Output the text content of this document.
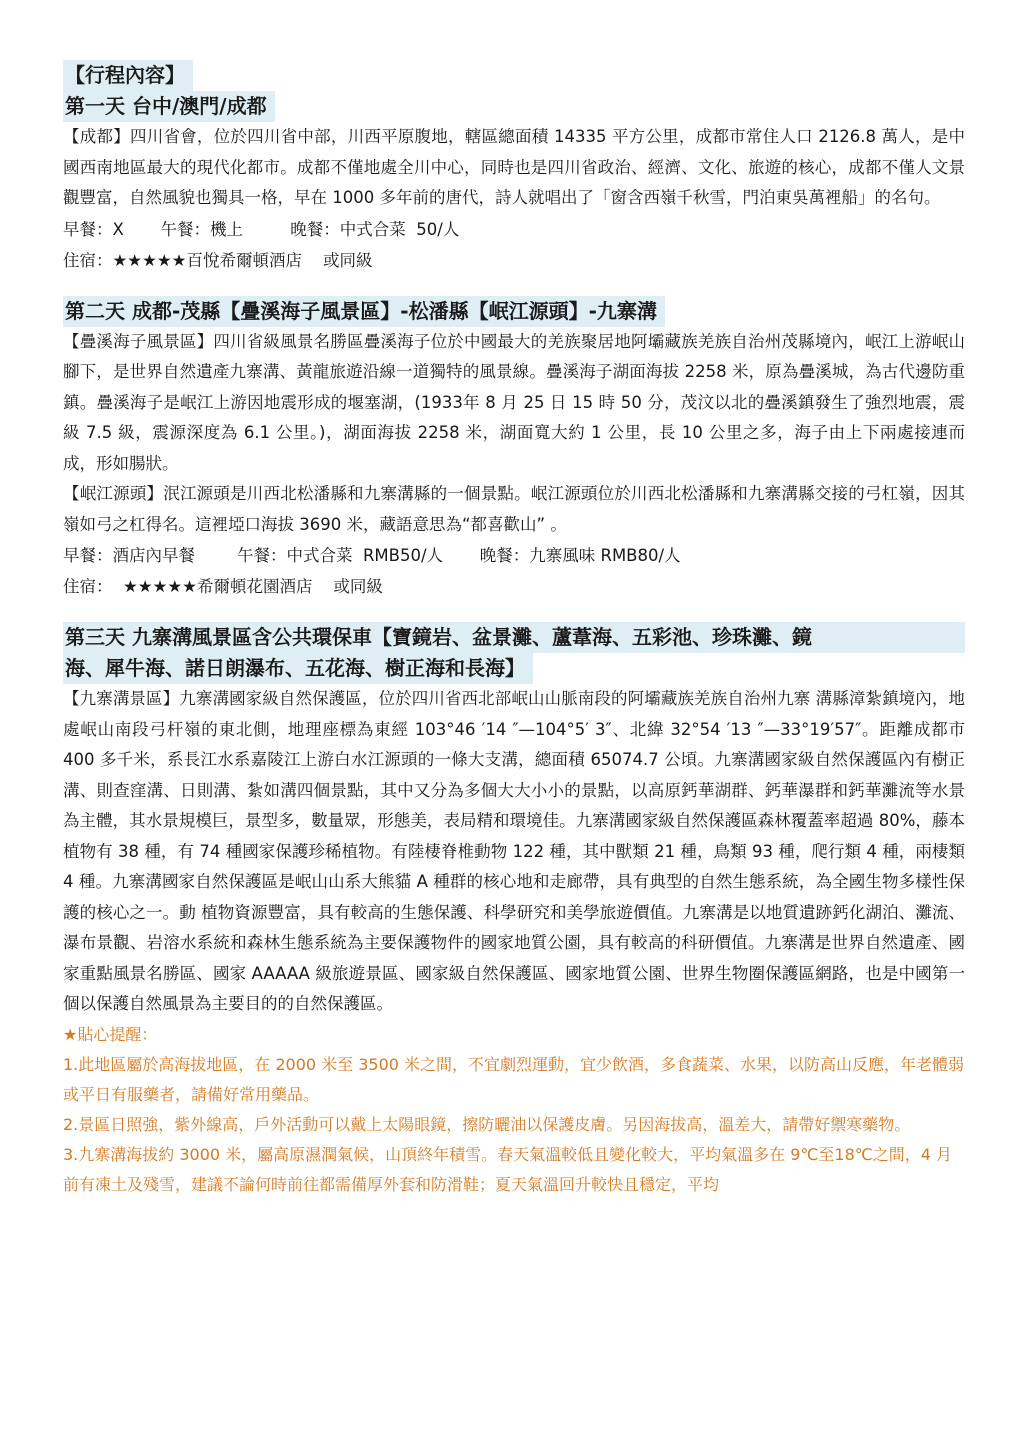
【行程內容】
第一天 台中/澳門/成都

【成都】四川省會，位於四川省中部，川西平原腹地，轄區總面積 14335 平方公里，成都市常住人口 2126.8 萬人，是中國西南地區最大的現代化都市。成都不僅地處全川中心，同時也是四川省政治、經濟、文化、旅遊的核心，成都不僅人文景觀豐富，自然風貌也獨具一格，早在 1000 多年前的唐代，詩人就唱出了「窗含西嶺千秋雪，門泊東吳萬裡船」的名句。

早餐：X       午餐：機上         晚餐：中式合菜  50/人
住宿：★★★★★百悅希爾頓酒店    或同級
第二天 成都-茂縣【疊溪海子風景區】-松潘縣【岷江源頭】-九寨溝

【疊溪海子風景區】四川省級風景名勝區疊溪海子位於中國最大的羌族聚居地阿壩藏族羌族自治州茂縣境內，岷江上游岷山腳下，是世界自然遺產九寨溝、黃龍旅遊沿線一道獨特的風景線。疊溪海子湖面海拔 2258 米，原為疊溪城，為古代邊防重鎮。疊溪海子是岷江上游因地震形成的堰塞湖，(1933年 8 月 25 日 15 時 50 分，茂汶以北的疊溪鎮發生了強烈地震，震級 7.5 級，震源深度為 6.1 公里。)，湖面海拔 2258 米，湖面寬大約 1 公里，長 10 公里之多，海子由上下兩處接連而成，形如腸狀。

【岷江源頭】泯江源頭是川西北松潘縣和九寨溝縣的一個景點。岷江源頭位於川西北松潘縣和九寨溝縣交接的弓杠嶺，因其嶺如弓之杠得名。這裡埡口海拔 3690 米，藏語意思為“都喜歡山” 。

早餐：酒店內早餐        午餐：中式合菜  RMB50/人       晚餐：九寨風味 RMB80/人
住宿：  ★★★★★希爾頓花園酒店    或同級
第三天 九寨溝風景區含公共環保車【寶鏡岩、盆景灘、蘆葦海、五彩池、珍珠灘、鏡
海、犀牛海、諾日朗瀑布、五花海、樹正海和長海】

【九寨溝景區】九寨溝國家級自然保護區，位於四川省西北部岷山山脈南段的阿壩藏族羌族自治州九寨 溝縣漳紮鎮境內，地處岷山南段弓杆嶺的東北側，地理座標為東經 103°46 ′14 ″—104°5′ 3″、北緯 32°54 ′13 ″—33°19′57″。距離成都市 400 多千米，系長江水系嘉陵江上游白水江源頭的一條大支溝，總面積 65074.7 公頃。九寨溝國家級自然保護區內有樹正溝、則查窪溝、日則溝、紮如溝四個景點，其中又分為多個大大小小的景點，以高原鈣華湖群、鈣華瀑群和鈣華灘流等水景為主體，其水景規模巨，景型多，數量眾，形態美，表局精和環境佳。九寨溝國家級自然保護區森林覆蓋率超過 80%，藤本植物有 38 種，有 74 種國家保護珍稀植物。有陸棲脊椎動物 122 種，其中獸類 21 種，鳥類 93 種，爬行類 4 種，兩棲類 4 種。九寨溝國家自然保護區是岷山山系大熊貓 A 種群的核心地和走廊帶，具有典型的自然生態系統，為全國生物多樣性保護的核心之一。動 植物資源豐富，具有較高的生態保護、科學研究和美學旅遊價值。九寨溝是以地質遺跡鈣化湖泊、灘流、瀑布景觀、岩溶水系統和森林生態系統為主要保護物件的國家地質公園，具有較高的科研價值。九寨溝是世界自然遺產、國家重點風景名勝區、國家 AAAAA 級旅遊景區、國家級自然保護區、國家地質公園、世界生物圈保護區網路，也是中國第一個以保護自然風景為主要目的的自然保護區。

★貼心提醒：

1.此地區屬於高海拔地區，在 2000 米至 3500 米之間，不宜劇烈運動，宜少飲酒，多食蔬菜、水果，以防高山反應，年老體弱或平日有服藥者，請備好常用藥品。

2.景區日照強，紫外線高，戶外活動可以戴上太陽眼鏡，擦防曬油以保護皮膚。另因海拔高，溫差大，請帶好禦寒藥物。

3.九寨溝海拔約 3000 米，屬高原濕潤氣候，山頂終年積雪。春天氣溫較低且變化較大，平均氣溫多在 9℃至18℃之間，4 月前有凍土及殘雪，建議不論何時前往都需備厚外套和防滑鞋；夏天氣溫回升較快且穩定，平均
